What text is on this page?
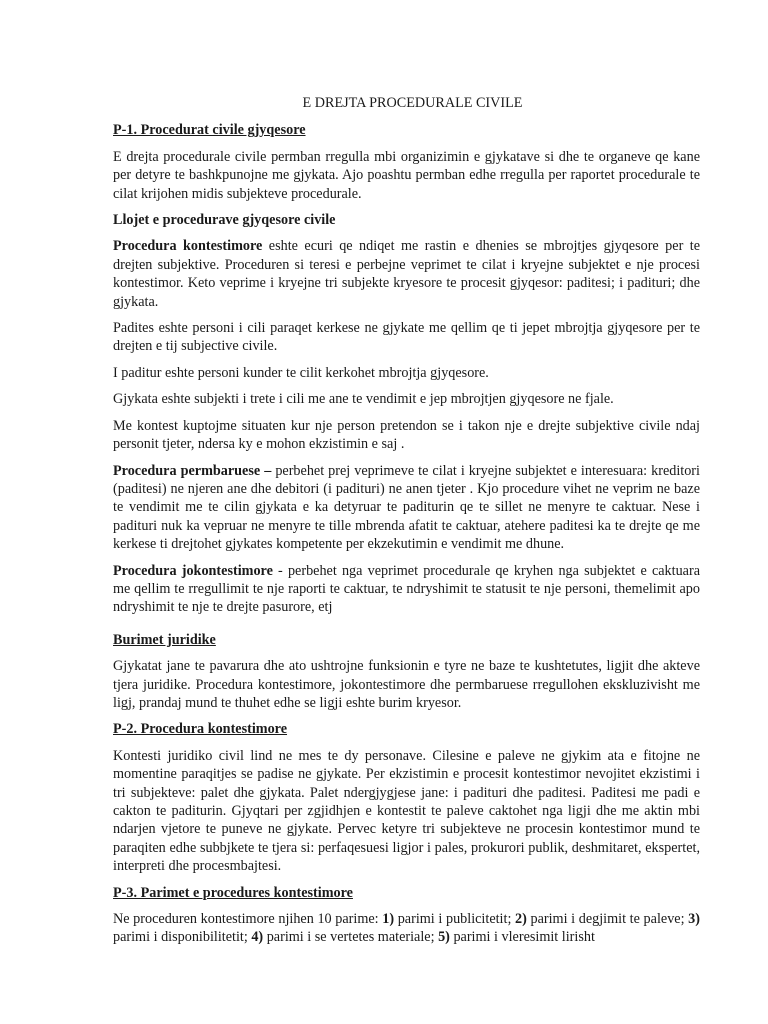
E DREJTA PROCEDURALE CIVILE
P-1. Procedurat civile gjyqesore

E drejta procedurale civile permban rregulla mbi organizimin e gjykatave si dhe te organeve qe kane per detyre te bashkpunojne me gjykata. Ajo poashtu permban edhe rregulla per raportet procedurale te cilat krijohen midis subjekteve procedurale.

Llojet e procedurave gjyqesore civile

Procedura kontestimore eshte ecuri qe ndiqet me rastin e dhenies se mbrojtjes gjyqesore per te drejten subjektive. Proceduren si teresi e perbejne veprimet te cilat i kryejne subjektet e nje procesi kontestimor. Keto veprime i kryejne tri subjekte kryesore te procesit gjyqesor: paditesi; i padituri; dhe gjykata.

Padites eshte personi i cili paraqet kerkese ne gjykate me qellim qe ti jepet mbrojtja gjyqesore per te drejten e tij subjective civile.

I paditur eshte personi kunder te cilit kerkohet mbrojtja gjyqesore.

Gjykata eshte subjekti i trete i cili me ane te vendimit e jep mbrojtjen gjyqesore ne fjale.

Me kontest kuptojme situaten kur nje person pretendon se i takon nje e drejte subjektive civile ndaj personit tjeter, ndersa ky e mohon ekzistimin e saj .

Procedura permbaruese – perbehet prej veprimeve te cilat i kryejne subjektet e interesuara: kreditori (paditesi) ne njeren ane dhe debitori (i padituri) ne anen tjeter . Kjo procedure vihet ne veprim ne baze te vendimit me te cilin gjykata e ka detyruar te paditurin qe te sillet ne menyre te caktuar. Nese i padituri nuk ka vepruar ne menyre te tille mbrenda afatit te caktuar, atehere paditesi ka te drejte qe me kerkese ti drejtohet gjykates kompetente per ekzekutimin e vendimit me dhune.

Procedura jokontestimore - perbehet nga veprimet procedurale qe kryhen nga subjektet e caktuara me qellim te rregullimit te nje raporti te caktuar, te ndryshimit te statusit te nje personi, themelimit apo ndryshimit te nje te drejte pasurore, etj

Burimet juridike

Gjykatat jane te pavarura dhe ato ushtrojne funksionin e tyre ne baze te kushtetutes, ligjit dhe akteve tjera juridike. Procedura kontestimore, jokontestimore dhe permbaruese rregullohen ekskluzivisht me ligj, prandaj mund te thuhet edhe se ligji eshte burim kryesor.

P-2. Procedura kontestimore

Kontesti juridiko civil lind ne mes te dy personave. Cilesine e paleve ne gjykim ata e fitojne ne momentine paraqitjes se padise ne gjykate. Per ekzistimin e procesit kontestimor nevojitet ekzistimi i tri subjekteve: palet dhe gjykata. Palet ndergjygjese jane: i padituri dhe paditesi. Paditesi me padi e cakton te paditurin. Gjyqtari per zgjidhjen e kontestit te paleve caktohet nga ligji dhe me aktin mbi ndarjen vjetore te puneve ne gjykate. Pervec ketyre tri subjekteve ne procesin kontestimor mund te paraqiten edhe subbjkete te tjera si: perfaqesuesi ligjor i pales, prokurori publik, deshmitaret, ekspertet, interpreti dhe procesmbajtesi.

P-3. Parimet e procedures kontestimore

Ne proceduren kontestimore njihen 10 parime: 1) parimi i publicitetit; 2) parimi i degjimit te paleve; 3) parimi i disponibilitetit; 4) parimi i se vertetes materiale; 5) parimi i vleresimit lirisht
